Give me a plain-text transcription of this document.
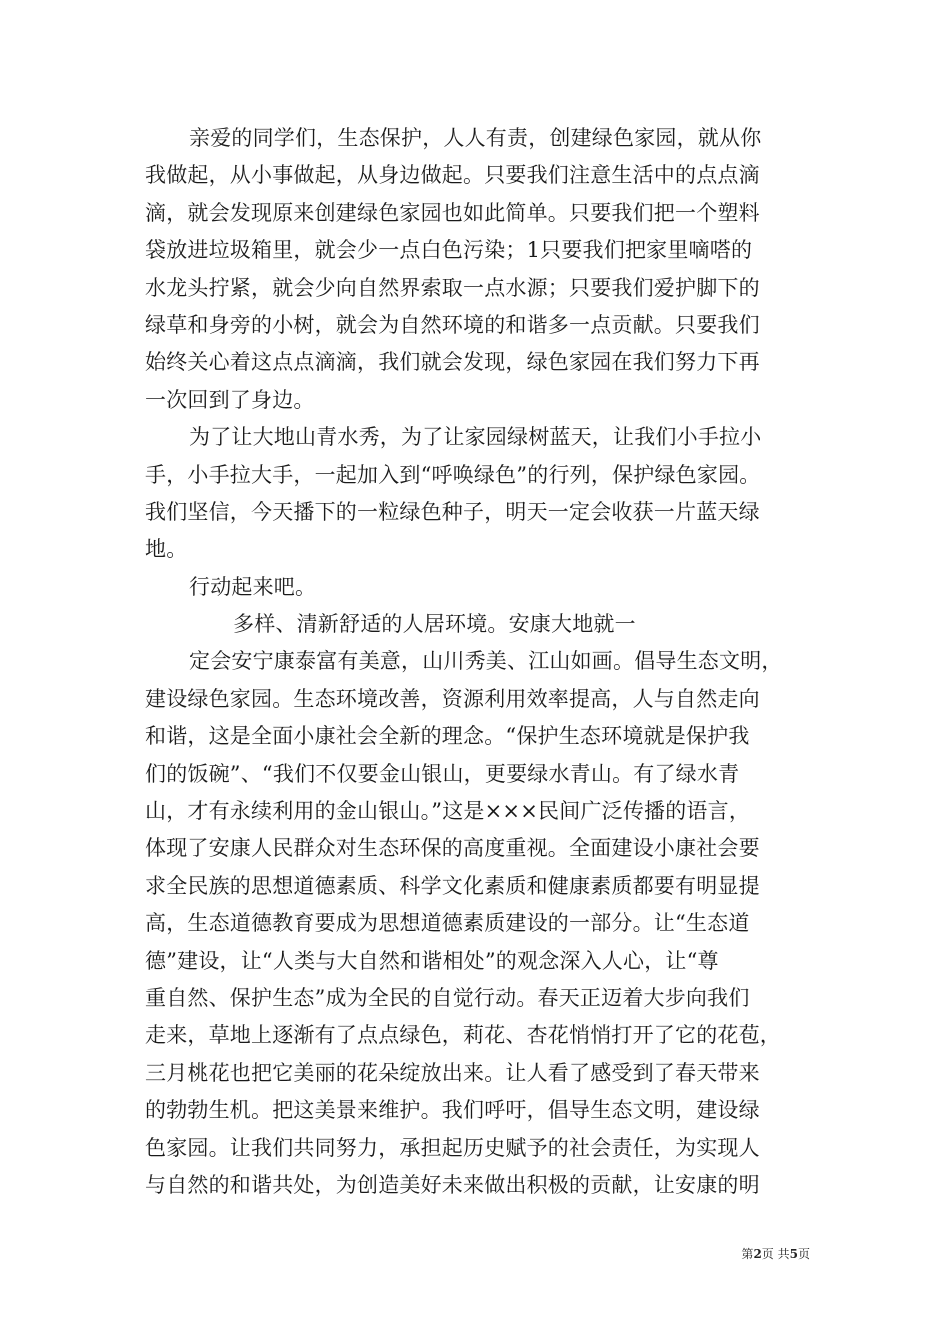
亲爱的同学们，生态保护，人人有责，创建绿色家园，就从你
我做起，从小事做起，从身边做起。只要我们注意生活中的点点滴
滴，就会发现原来创建绿色家园也如此简单。只要我们把一个塑料
袋放进垃圾箱里，就会少一点白色污染；1只要我们把家里嘀嗒的
水龙头拧紧，就会少向自然界索取一点水源；只要我们爱护脚下的
绿草和身旁的小树，就会为自然环境的和谐多一点贡献。只要我们
始终关心着这点点滴滴，我们就会发现，绿色家园在我们努力下再
一次回到了身边。
为了让大地山青水秀，为了让家园绿树蓝天，让我们小手拉小
手，小手拉大手，一起加入到“呼唤绿色”的行列，保护绿色家园。
我们坚信，今天播下的一粒绿色种子，明天一定会收获一片蓝天绿
地。
行动起来吧。
多样、清新舒适的人居环境。安康大地就一
定会安宁康泰富有美意，山川秀美、江山如画。倡导生态文明，
建设绿色家园。生态环境改善，资源利用效率提高，人与自然走向
和谐，这是全面小康社会全新的理念。“保护生态环境就是保护我
们的饭碗”、“我们不仅要金山银山，更要绿水青山。有了绿水青
山，才有永续利用的金山银山。”这是×××民间广泛传播的语言，
体现了安康人民群众对生态环保的高度重视。全面建设小康社会要
求全民族的思想道德素质、科学文化素质和健康素质都要有明显提
高，生态道德教育要成为思想道德素质建设的一部分。让“生态道
德”建设，让“人类与大自然和谐相处”的观念深入人心，让“尊
重自然、保护生态”成为全民的自觉行动。春天正迈着大步向我们
走来，草地上逐渐有了点点绿色，莉花、杏花悄悄打开了它的花苞，
三月桃花也把它美丽的花朵绽放出来。让人看了感受到了春天带来
的勃勃生机。把这美景来维护。我们呼吁，倡导生态文明，建设绿
色家园。让我们共同努力，承担起历史赋予的社会责任，为实现人
与自然的和谐共处，为创造美好未来做出积极的贡献，让安康的明
第2页 共5页
